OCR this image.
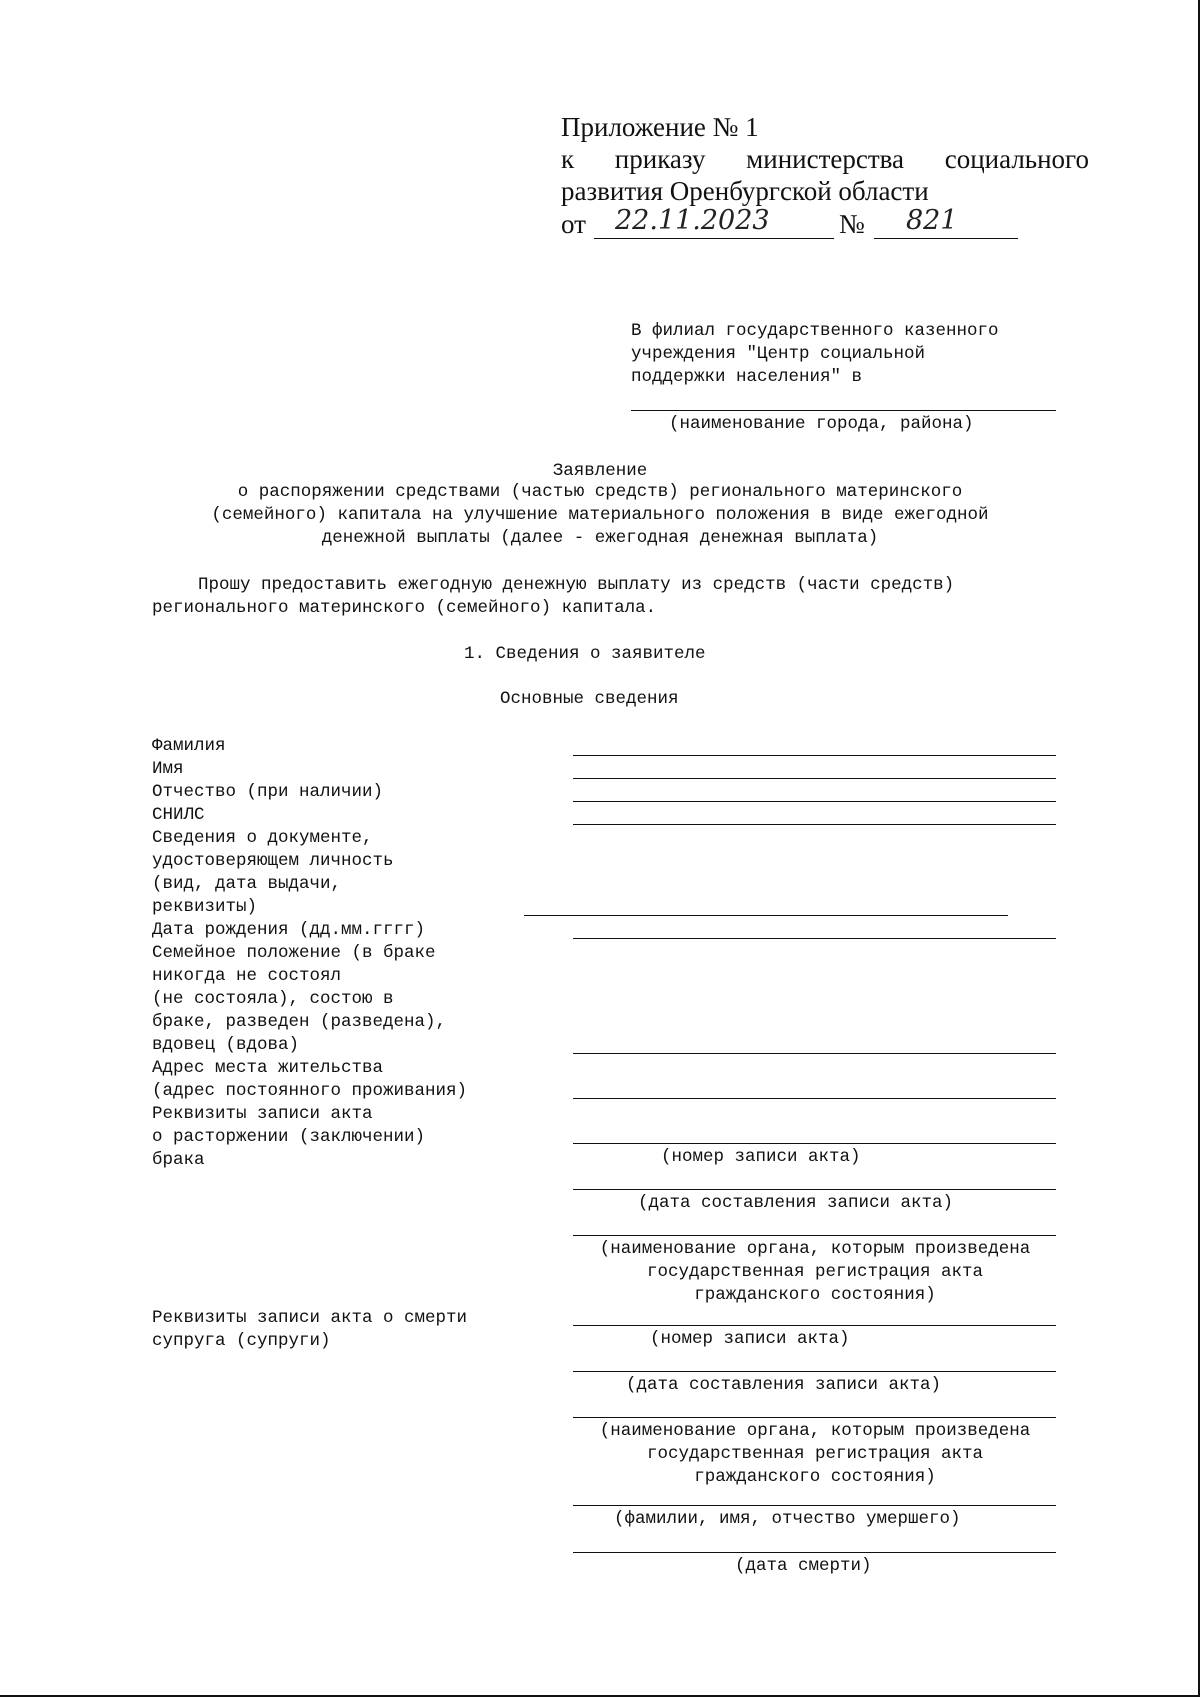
Приложение № 1
к приказу министерства социального
развития Оренбургской области
от 22.11.2023	№ 821
В филиал государственного казенного
учреждения "Центр социальной
поддержки населения" в
(наименование города, района)
Заявление
о распоряжении средствами (частью средств) регионального материнского
(семейного) капитала на улучшение материального положения в виде ежегодной
денежной выплаты (далее - ежегодная денежная выплата)
Прошу предоставить ежегодную денежную выплату из средств (части средств)
регионального материнского (семейного) капитала.
1. Сведения о заявителе
Основные сведения
Фамилия
Имя
Отчество (при наличии)
СНИЛС
Сведения о документе,
удостоверяющем личность
(вид, дата выдачи,
реквизиты)
Дата рождения (дд.мм.гггг)
Семейное положение (в браке
никогда не состоял
(не состояла), состою в
браке, разведен (разведена),
вдовец (вдова)
Адрес места жительства
(адрес постоянного проживания)
Реквизиты записи акта
о расторжении (заключении)
брака	(номер записи акта)
(дата составления записи акта)
(наименование органа, которым произведена
государственная регистрация акта
гражданского состояния)
Реквизиты записи акта о смерти
супруга (супруги)	(номер записи акта)
(дата составления записи акта)
(наименование органа, которым произведена
государственная регистрация акта
гражданского состояния)
(фамилии, имя, отчество умершего)
(дата смерти)
